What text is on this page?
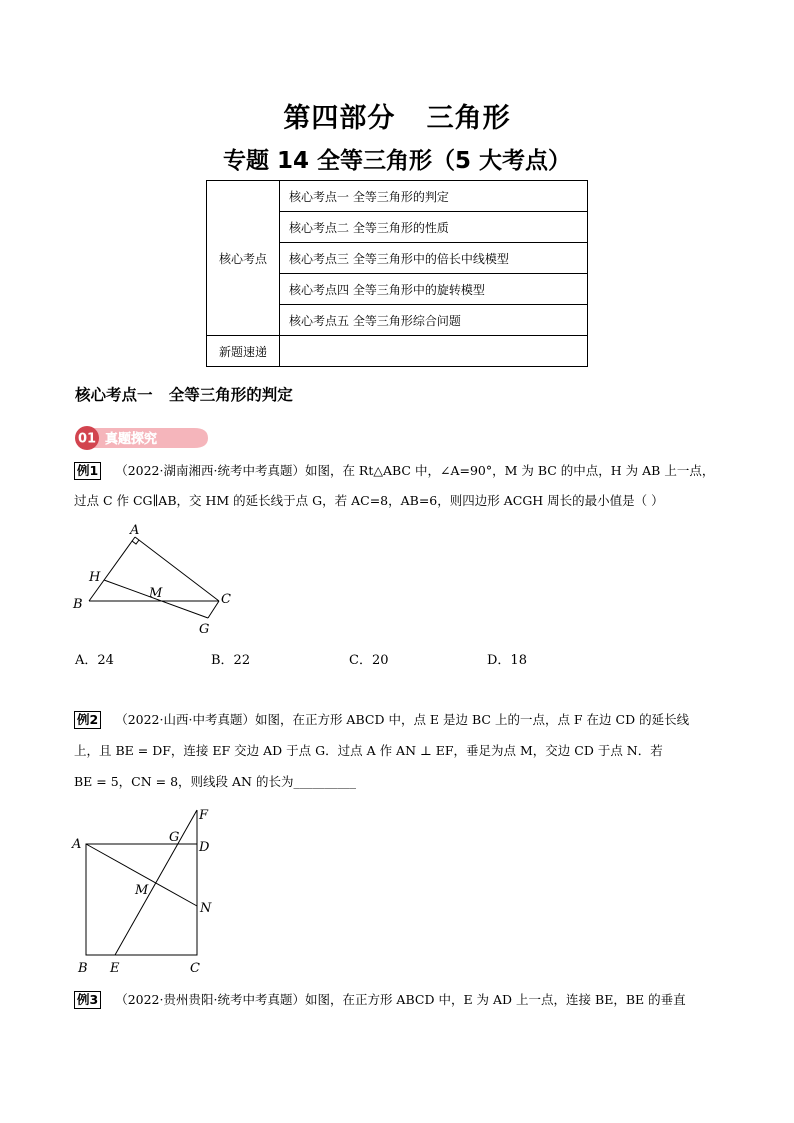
第四部分   三角形
专题 14 全等三角形（5 大考点）
核心考点	核心考点一 全等三角形的判定
	核心考点二 全等三角形的性质
	核心考点三 全等三角形中的倍长中线模型
	核心考点四 全等三角形中的旋转模型
	核心考点五 全等三角形综合问题
新题速递	
核心考点一   全等三角形的判定
01 真题探究
例1 （2022·湖南湘西·统考中考真题）如图，在 Rt△ABC 中，∠A=90°，M 为 BC 的中点，H 为 AB 上一点，
过点 C 作 CG∥AB，交 HM 的延长线于点 G，若 AC=8，AB=6，则四边形 ACGH 周长的最小值是（ ）
A
H
M
B	C
G
A．24	B．22	C．20	D．18
例2 （2022·山西·中考真题）如图，在正方形 ABCD 中，点 E 是边 BC 上的一点，点 F 在边 CD 的延长线
上，且 BE = DF，连接 EF 交边 AD 于点 G．过点 A 作 AN ⊥ EF，垂足为点 M，交边 CD 于点 N．若
BE = 5，CN = 8，则线段 AN 的长为__________
F
G
A	D
M
N
B E	C
例3 （2022·贵州贵阳·统考中考真题）如图，在正方形 ABCD 中，E 为 AD 上一点，连接 BE，BE 的垂直
